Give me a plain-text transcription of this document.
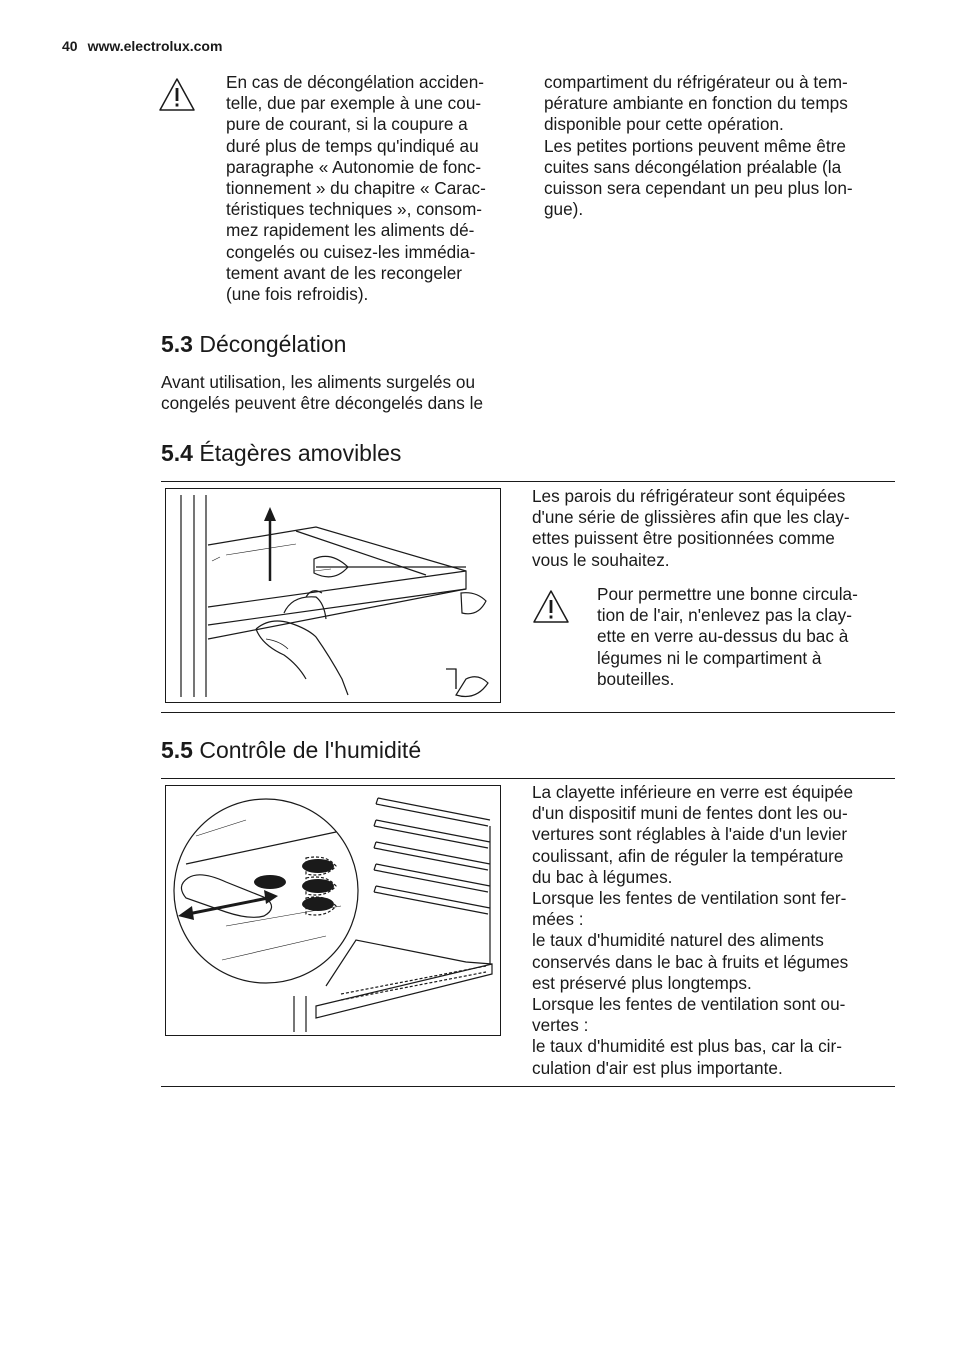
40 www.electrolux.com
En cas de décongélation acciden-
telle, due par exemple à une cou-
pure de courant, si la coupure a
duré plus de temps qu'indiqué au
paragraphe « Autonomie de fonc-
tionnement » du chapitre « Carac-
téristiques techniques », consom-
mez rapidement les aliments dé-
congelés ou cuisez-les immédia-
tement avant de les recongeler
(une fois refroidis).
compartiment du réfrigérateur ou à tem-
pérature ambiante en fonction du temps
disponible pour cette opération.
Les petites portions peuvent même être
cuites sans décongélation préalable (la
cuisson sera cependant un peu plus lon-
gue).
5.3 Décongélation
Avant utilisation, les aliments surgelés ou
congelés peuvent être décongelés dans le
5.4 Étagères amovibles
Les parois du réfrigérateur sont équipées
d'une série de glissières afin que les clay-
ettes puissent être positionnées comme
vous le souhaitez.
Pour permettre une bonne circula-
tion de l'air, n'enlevez pas la clay-
ette en verre au-dessus du bac à
légumes ni le compartiment à
bouteilles.
5.5 Contrôle de l'humidité
La clayette inférieure en verre est équipée
d'un dispositif muni de fentes dont les ou-
vertures sont réglables à l'aide d'un levier
coulissant, afin de réguler la température
du bac à légumes.
Lorsque les fentes de ventilation sont fer-
mées :
le taux d'humidité naturel des aliments
conservés dans le bac à fruits et légumes
est préservé plus longtemps.
Lorsque les fentes de ventilation sont ou-
vertes :
le taux d'humidité est plus bas, car la cir-
culation d'air est plus importante.
